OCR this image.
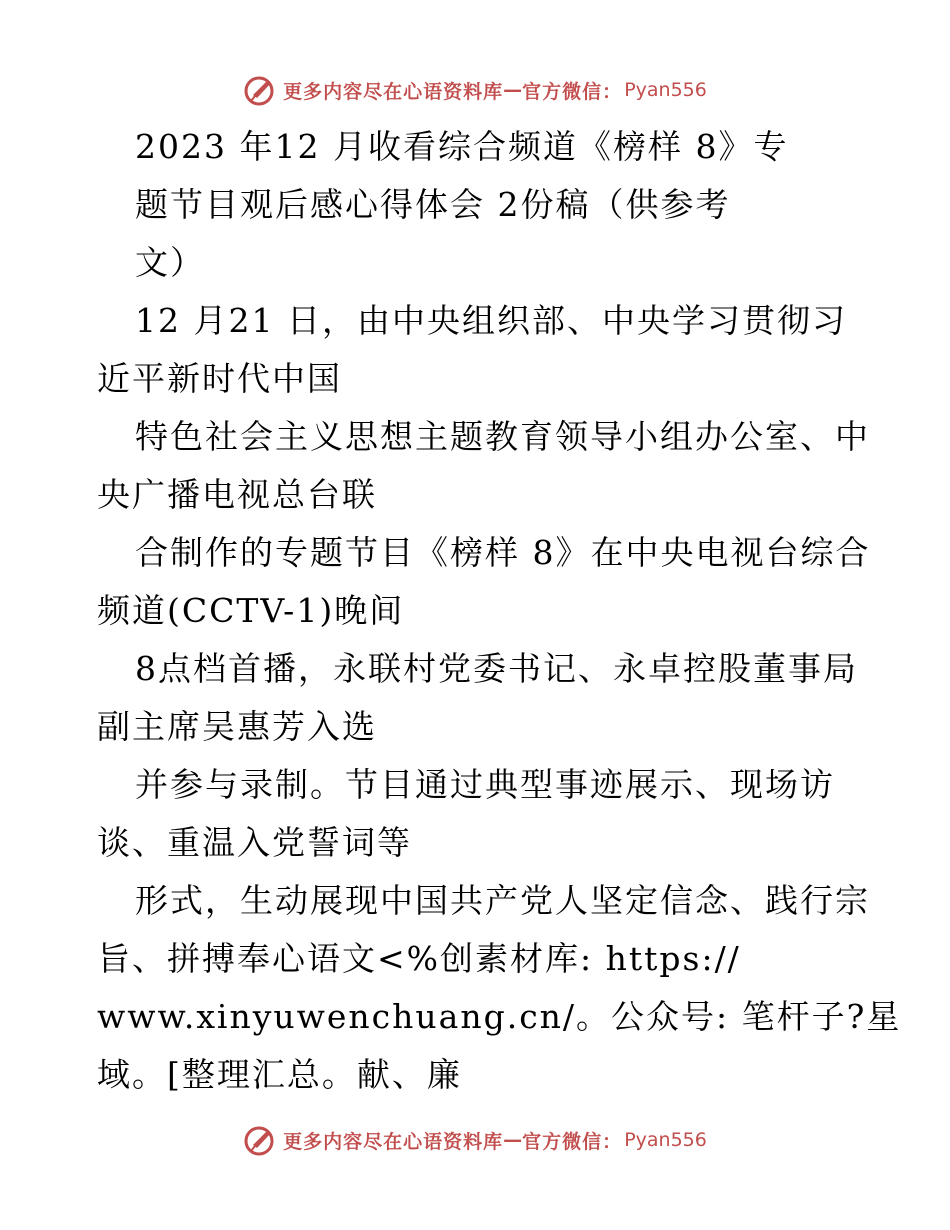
更多内容尽在心语资料库 — 官方微信： Pyan556
2023 年12 月收看综合频道《榜样 8》专
题节目观后感心得体会 2份稿（供参考
文）
12 月21 日，由中央组织部、中央学习贯彻习
近平新时代中国
特色社会主义思想主题教育领导小组办公室、中
央广播电视总台联
合制作的专题节目《榜样 8》在中央电视台综合
频道(CCTV-1)晚间
8点档首播，永联村党委书记、永卓控股董事局
副主席吴惠芳入选
并参与录制。节目通过典型事迹展示、现场访
谈、重温入党誓词等
形式，生动展现中国共产党人坚定信念、践行宗
旨、拼搏奉心语文<%创素材库: https://
www.xinyuwenchuang.cn/。公众号: 笔杆子?星
域。[整理汇总。献、廉
更多内容尽在心语资料库 — 官方微信： Pyan556
